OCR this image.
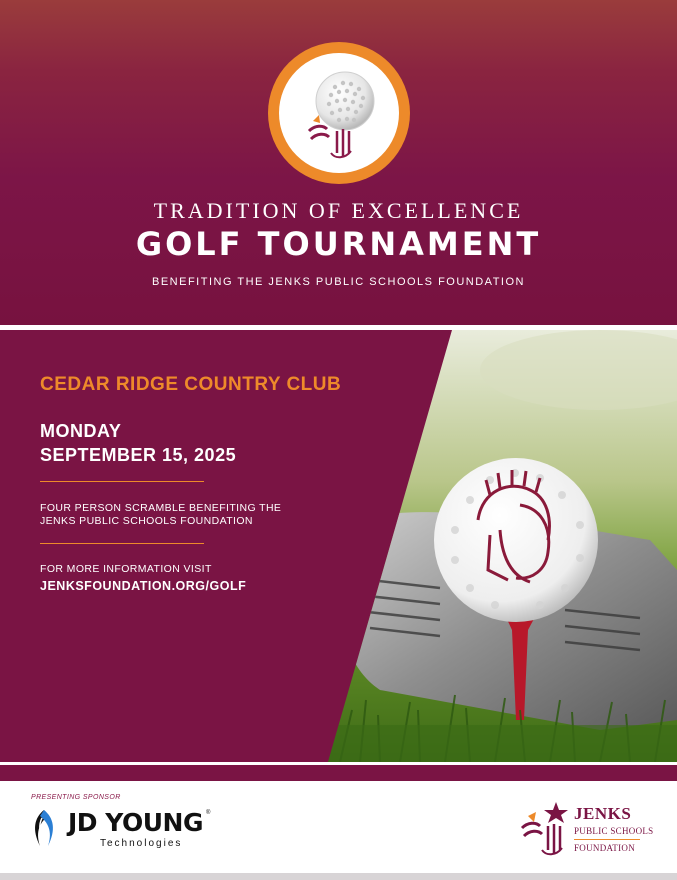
TRADITION OF EXCELLENCE
GOLF TOURNAMENT
BENEFITING THE JENKS PUBLIC SCHOOLS FOUNDATION
CEDAR RIDGE COUNTRY CLUB
MONDAY
SEPTEMBER 15, 2025
FOUR PERSON SCRAMBLE BENEFITING THE
JENKS PUBLIC SCHOOLS FOUNDATION
FOR MORE INFORMATION VISIT
JENKSFOUNDATION.ORG/GOLF
PRESENTING SPONSOR
JD YOUNG ®
Technologies
JENKS
PUBLIC SCHOOLS
FOUNDATION
